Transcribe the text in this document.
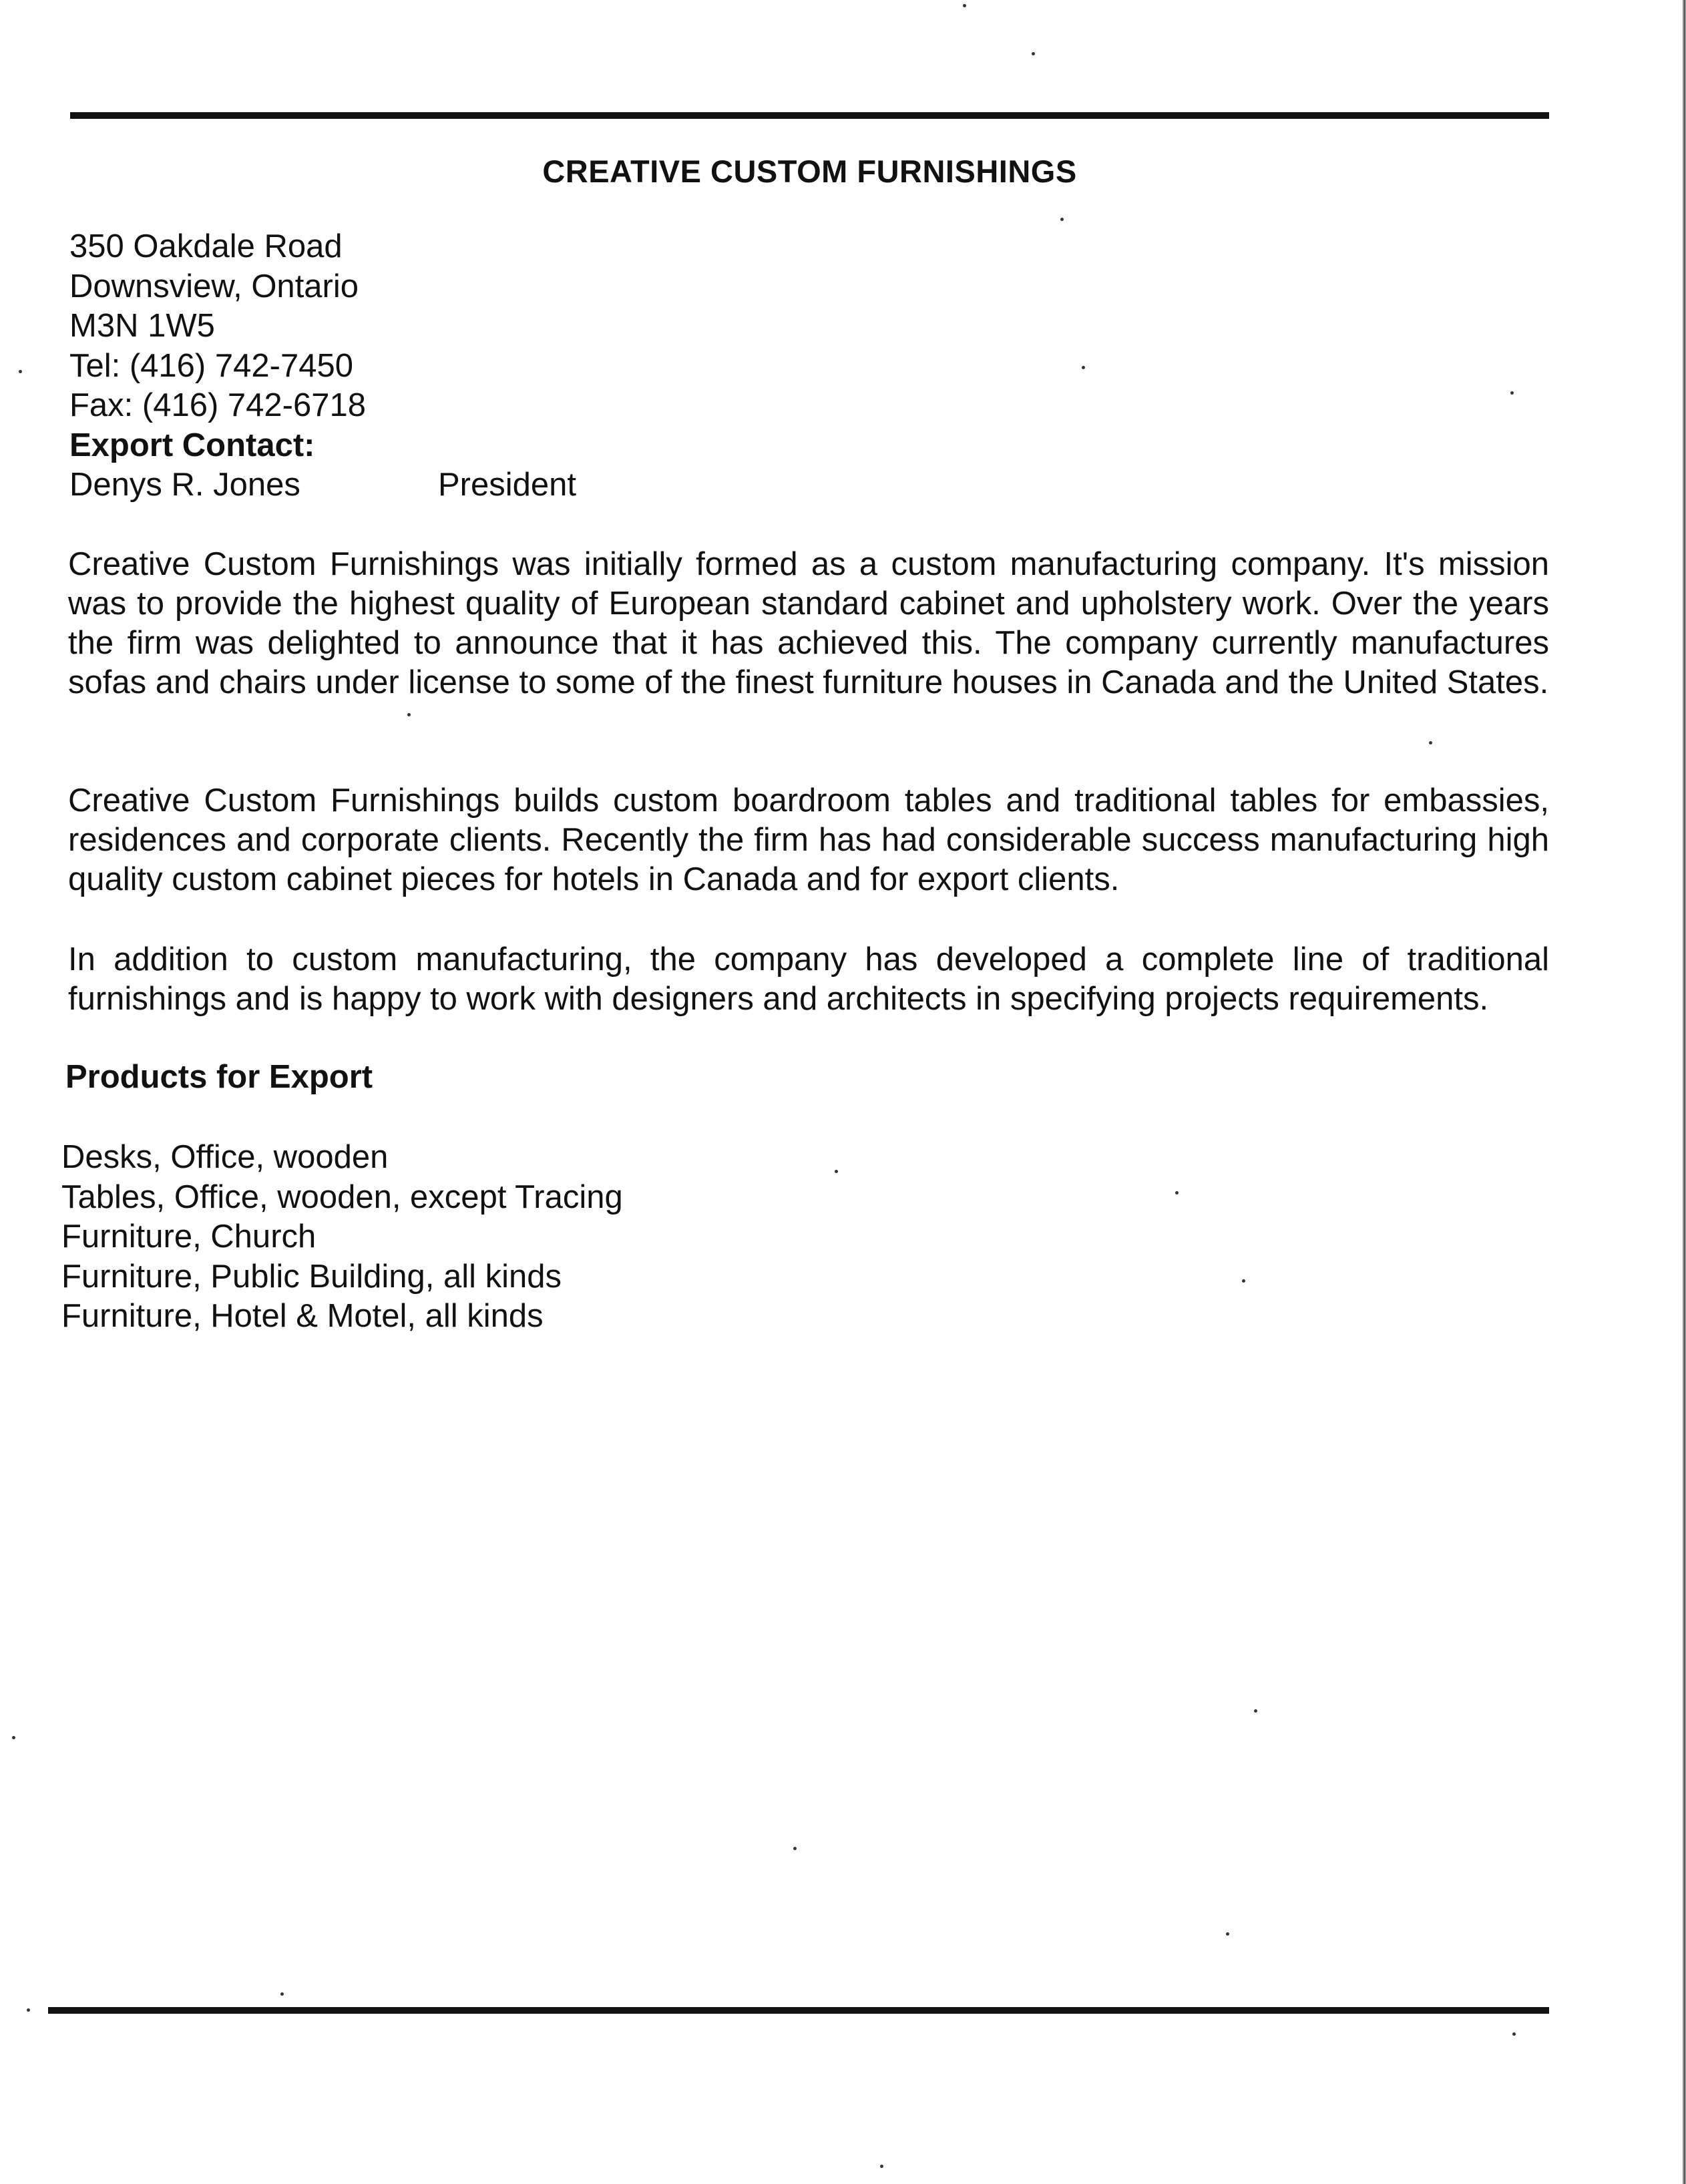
CREATIVE CUSTOM FURNISHINGS
350 Oakdale Road
Downsview, Ontario
M3N 1W5
Tel: (416) 742-7450
Fax: (416) 742-6718
Export Contact:
Denys R. Jones	President

Creative Custom Furnishings was initially formed as a custom manufacturing company. It's mission was to provide the highest quality of European standard cabinet and upholstery work. Over the years the firm was delighted to announce that it has achieved this. The company currently manufactures sofas and chairs under license to some of the finest furniture houses in Canada and the United States.

Creative Custom Furnishings builds custom boardroom tables and traditional tables for embassies, residences and corporate clients. Recently the firm has had considerable success manufacturing high quality custom cabinet pieces for hotels in Canada and for export clients.

In addition to custom manufacturing, the company has developed a complete line of traditional furnishings and is happy to work with designers and architects in specifying projects requirements.

Products for Export
Desks, Office, wooden
Tables, Office, wooden, except Tracing
Furniture, Church
Furniture, Public Building, all kinds
Furniture, Hotel & Motel, all kinds
